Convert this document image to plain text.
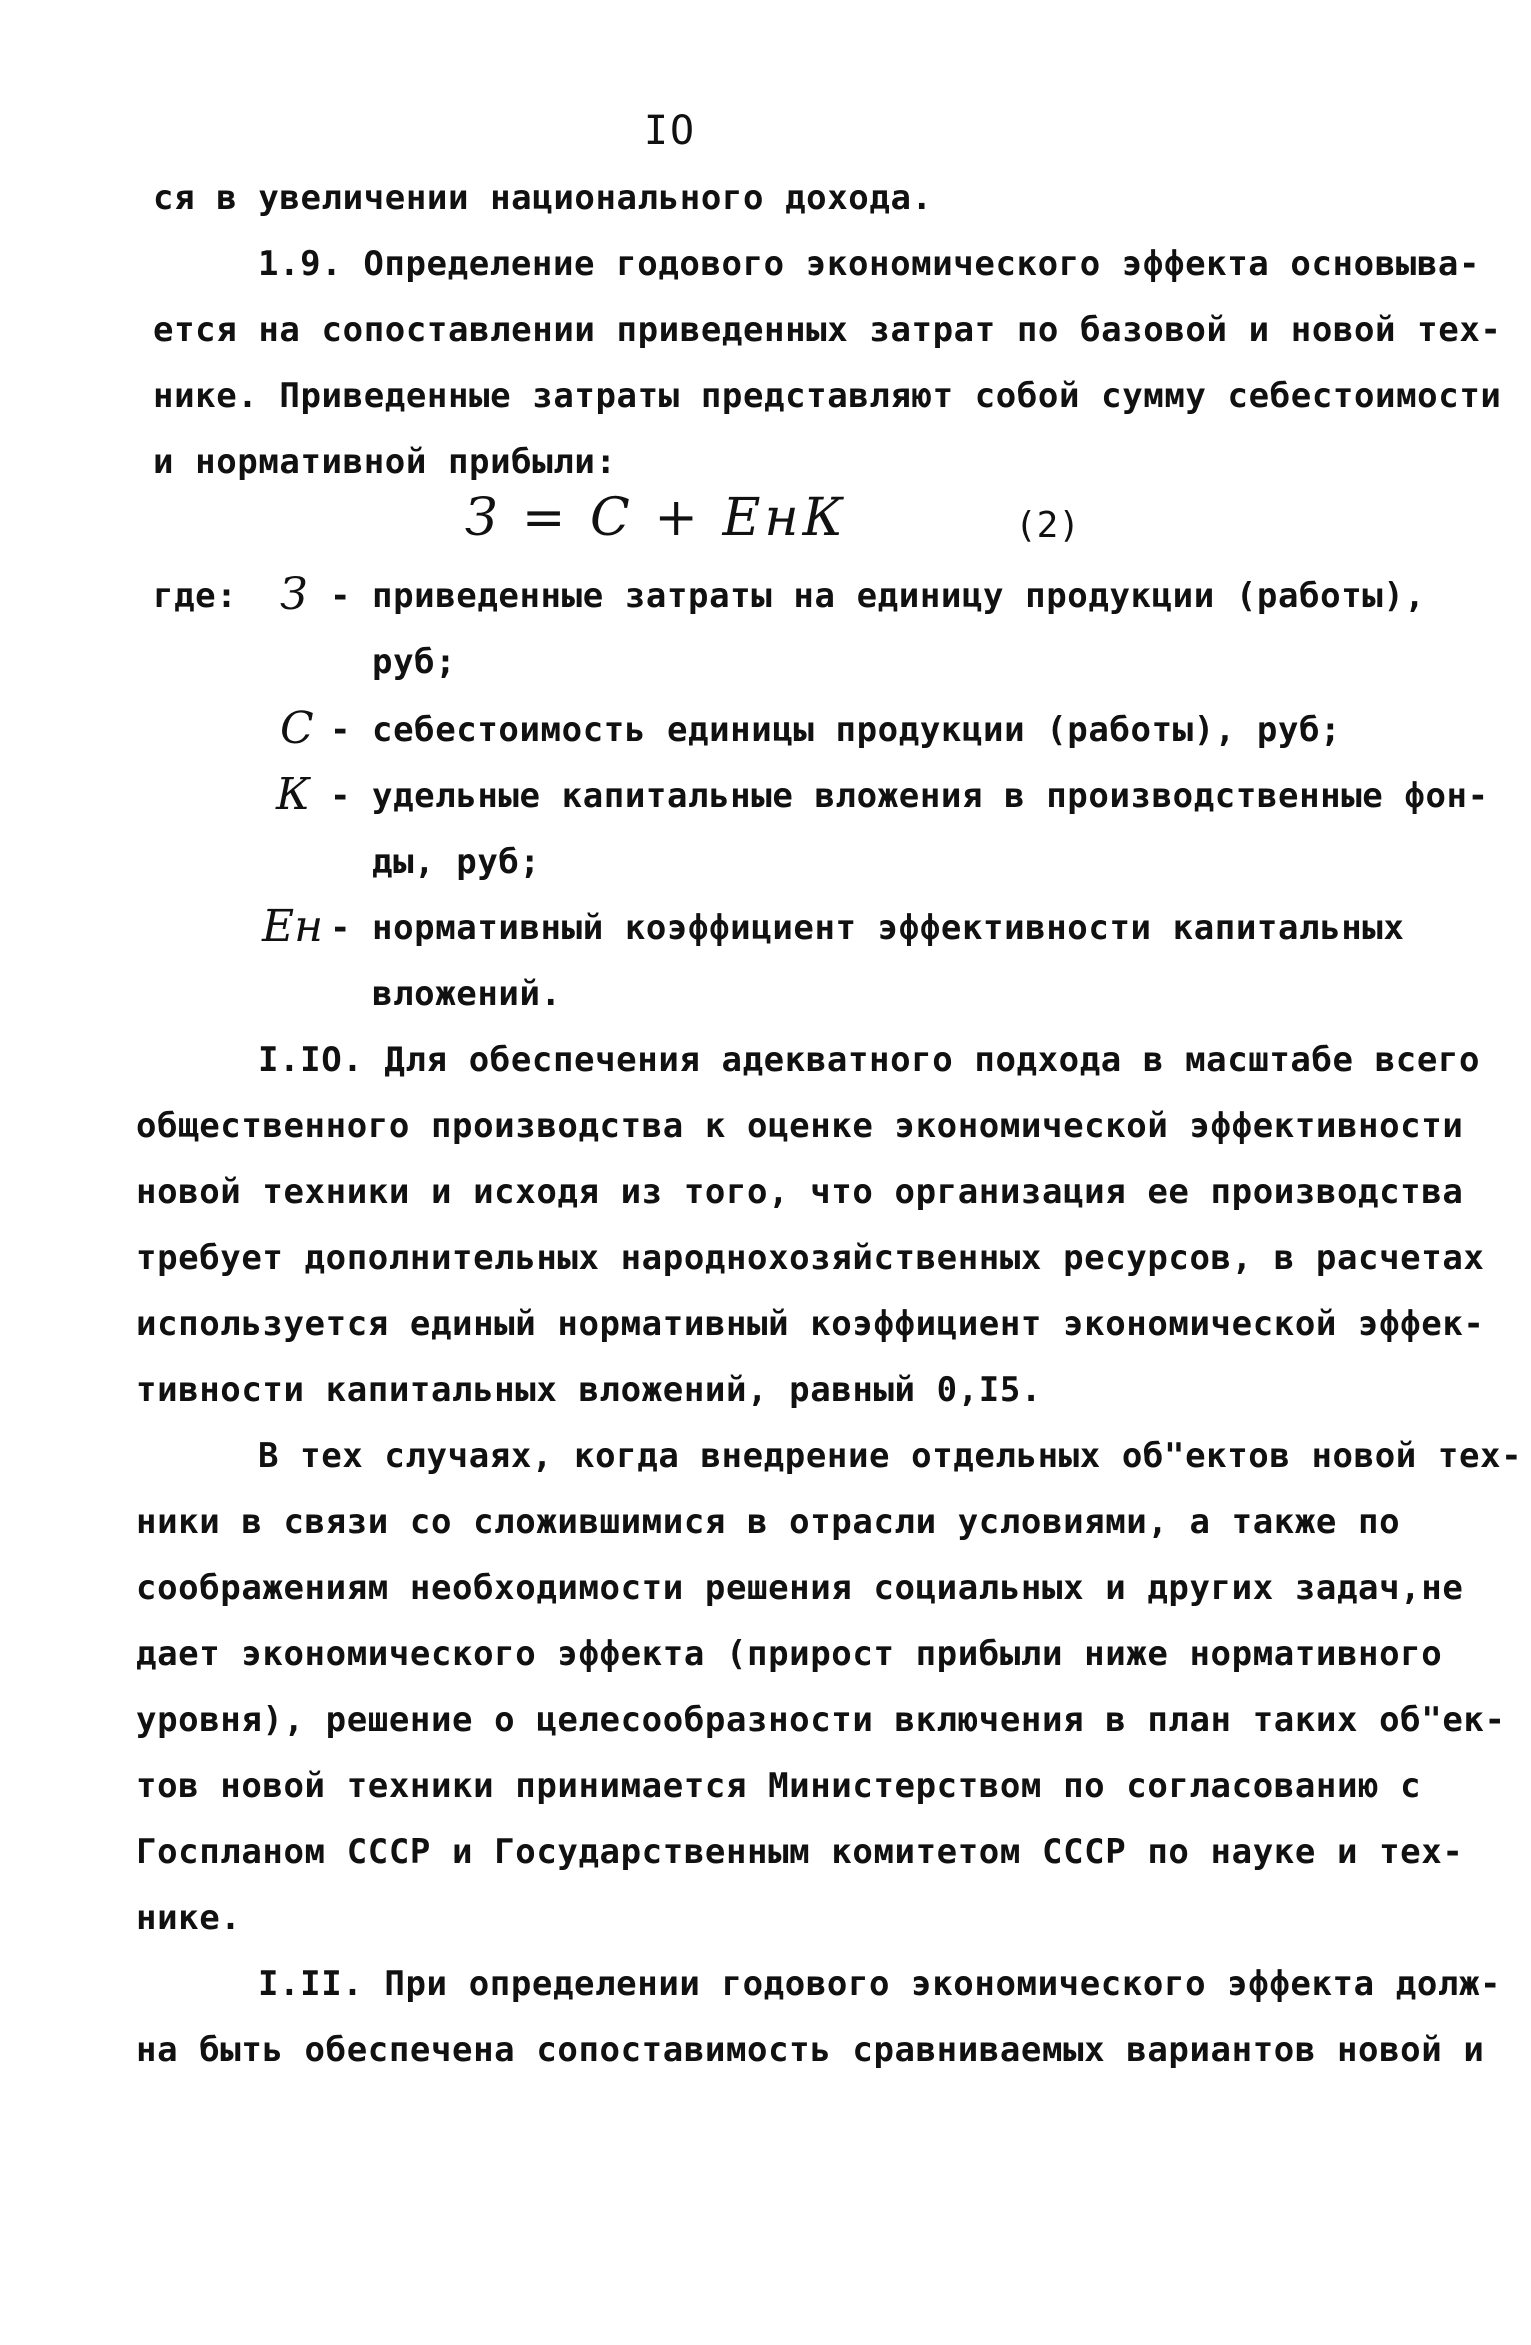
IO
ся в увеличении национального дохода.
1.9. Определение годового экономического эффекта основыва-
ется на сопоставлении приведенных затрат по базовой и новой тех-
нике. Приведенные затраты представляют собой сумму себестоимости
и нормативной прибыли:
З = С + ЕнК	(2)
где: З - приведенные затраты на единицу продукции (работы),
руб;
С - себестоимость единицы продукции (работы), руб;
К - удельные капитальные вложения в производственные фон-
ды, руб;
Ен - нормативный коэффициент эффективности капитальных
вложений.
I.IO. Для обеспечения адекватного подхода в масштабе всего
общественного производства к оценке экономической эффективности
новой техники и исходя из того, что организация ее производства
требует дополнительных народнохозяйственных ресурсов, в расчетах
используется единый нормативный коэффициент экономической эффек-
тивности капитальных вложений, равный 0,I5.
В тех случаях, когда внедрение отдельных об"ектов новой тех-
ники в связи со сложившимися в отрасли условиями, а также по
соображениям необходимости решения социальных и других задач,не
дает экономического эффекта (прирост прибыли ниже нормативного
уровня), решение о целесообразности включения в план таких об"ек-
тов новой техники принимается Министерством по согласованию с
Госпланом СССР и Государственным комитетом СССР по науке и тех-
нике.
I.II. При определении годового экономического эффекта долж-
на быть обеспечена сопоставимость сравниваемых вариантов новой и
